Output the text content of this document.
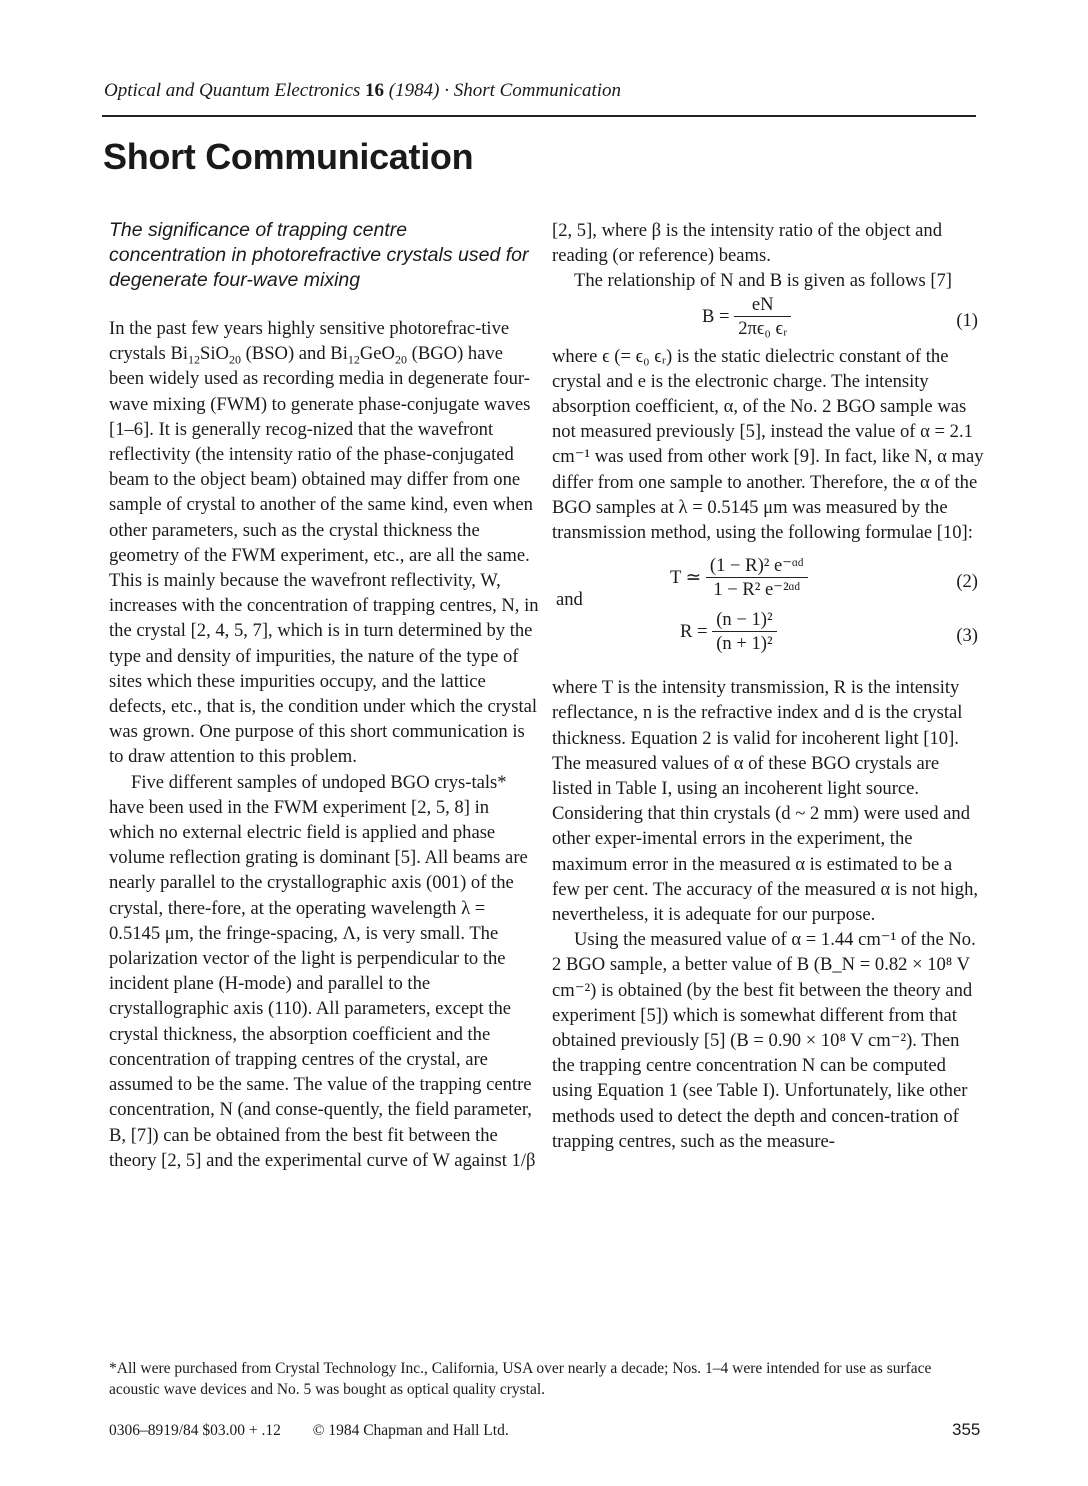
Optical and Quantum Electronics 16 (1984) · Short Communication
Short Communication
The significance of trapping centre concentration in photorefractive crystals used for degenerate four-wave mixing

In the past few years highly sensitive photorefrac-tive crystals $Bi_{12}SiO_{20}$ (BSO) and $Bi_{12}GeO_{20}$ (BGO) have been widely used as recording media in degenerate four-wave mixing (FWM) to generate phase-conjugate waves [1–6]. It is generally recog-nized that the wavefront reflectivity (the intensity ratio of the phase-conjugated beam to the object beam) obtained may differ from one sample of crystal to another of the same kind, even when other parameters, such as the crystal thickness the geometry of the FWM experiment, etc., are all the same. This is mainly because the wavefront reflectivity, W, increases with the concentration of trapping centres, N, in the crystal [2, 4, 5, 7], which is in turn determined by the type and density of impurities, the nature of the type of sites which these impurities occupy, and the lattice defects, etc., that is, the condition under which the crystal was grown. One purpose of this short communication is to draw attention to this problem.

Five different samples of undoped BGO crys-tals* have been used in the FWM experiment [2, 5, 8] in which no external electric field is applied and phase volume reflection grating is dominant [5]. All beams are nearly parallel to the crystallographic axis (001) of the crystal, there-fore, at the operating wavelength λ = 0.5145 μm, the fringe-spacing, Λ, is very small. The polarization vector of the light is perpendicular to the incident plane (H-mode) and parallel to the crystallographic axis (110). All parameters, except the crystal thickness, the absorption coefficient and the concentration of trapping centres of the crystal, are assumed to be the same. The value of the trapping centre concentration, N (and conse-quently, the field parameter, B, [7]) can be obtained from the best fit between the theory [2, 5] and the experimental curve of W against 1/β

[2, 5], where β is the intensity ratio of the object and reading (or reference) beams.

The relationship of N and B is given as follows [7]

$B = \frac{eN}{\text{2πϵ₀ ϵᵣ}}$	(1)

where ϵ (= ϵ₀ ϵᵣ) is the static dielectric constant of the crystal and e is the electronic charge. The intensity absorption coefficient, α, of the No. 2 BGO sample was not measured previously [5], instead the value of α = 2.1 cm⁻¹ was used from other work [9]. In fact, like N, α may differ from one sample to another. Therefore, the α of the BGO samples at λ = 0.5145 μm was measured by the transmission method, using the following formulae [10]:

T ≃ $\frac{\text{(1 − R)² e⁻ᵅᵈ}}{\text{1 − R² e⁻²ᵅᵈ}}$	(2)
and
$R = \frac{\text{(n − 1)²}}{\text{(n + 1)²}}$	(3)

where T is the intensity transmission, R is the intensity reflectance, n is the refractive index and d is the crystal thickness. Equation 2 is valid for incoherent light [10]. The measured values of α of these BGO crystals are listed in Table I, using an incoherent light source. Considering that thin crystals (d ~ 2 mm) were used and other exper-imental errors in the experiment, the maximum error in the measured α is estimated to be a few per cent. The accuracy of the measured α is not high, nevertheless, it is adequate for our purpose.

Using the measured value of α = 1.44 cm⁻¹ of the No. 2 BGO sample, a better value of B (B_N = 0.82 × 10⁸ V cm⁻²) is obtained (by the best fit between the theory and experiment [5]) which is somewhat different from that obtained previously [5] (B = 0.90 × 10⁸ V cm⁻²). Then the trapping centre concentration N can be computed using Equation 1 (see Table I). Unfortunately, like other methods used to detect the depth and concen-tration of trapping centres, such as the measure-

*All were purchased from Crystal Technology Inc., California, USA over nearly a decade; Nos. 1–4 were intended for use as surface acoustic wave devices and No. 5 was bought as optical quality crystal.
0306–8919/84 $03.00 + .12 © 1984 Chapman and Hall Ltd.	355
